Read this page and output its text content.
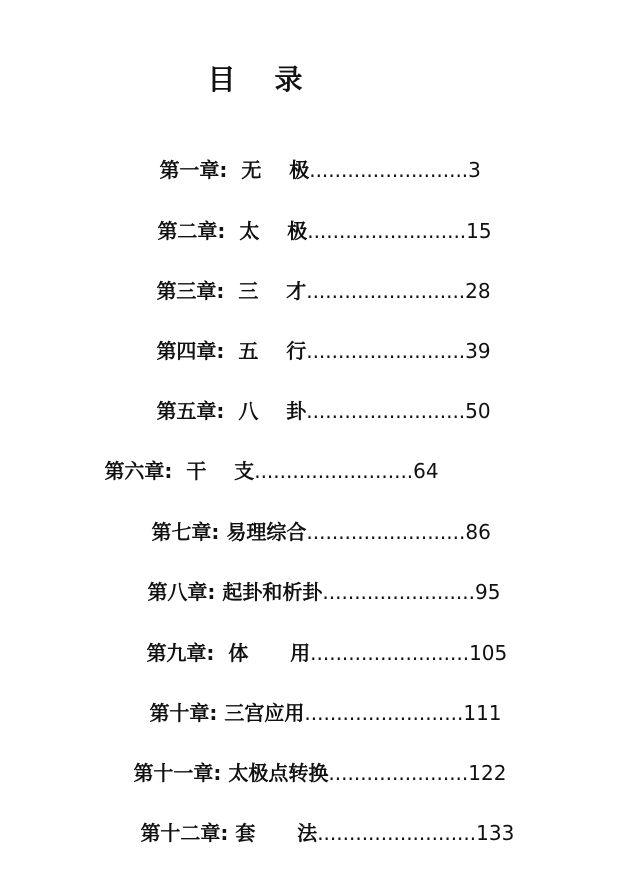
目    录

第一章:  无    极.........................3

第二章:  太    极.........................15

第三章:  三    才.........................28

第四章:  五    行.........................39

第五章:  八    卦.........................50

第六章:  干    支.........................64

第七章: 易理综合.........................86

第八章: 起卦和析卦........................95

第九章:  体      用.........................105

第十章: 三宫应用.........................111

第十一章: 太极点转换......................122

第十二章: 套      法.........................133
